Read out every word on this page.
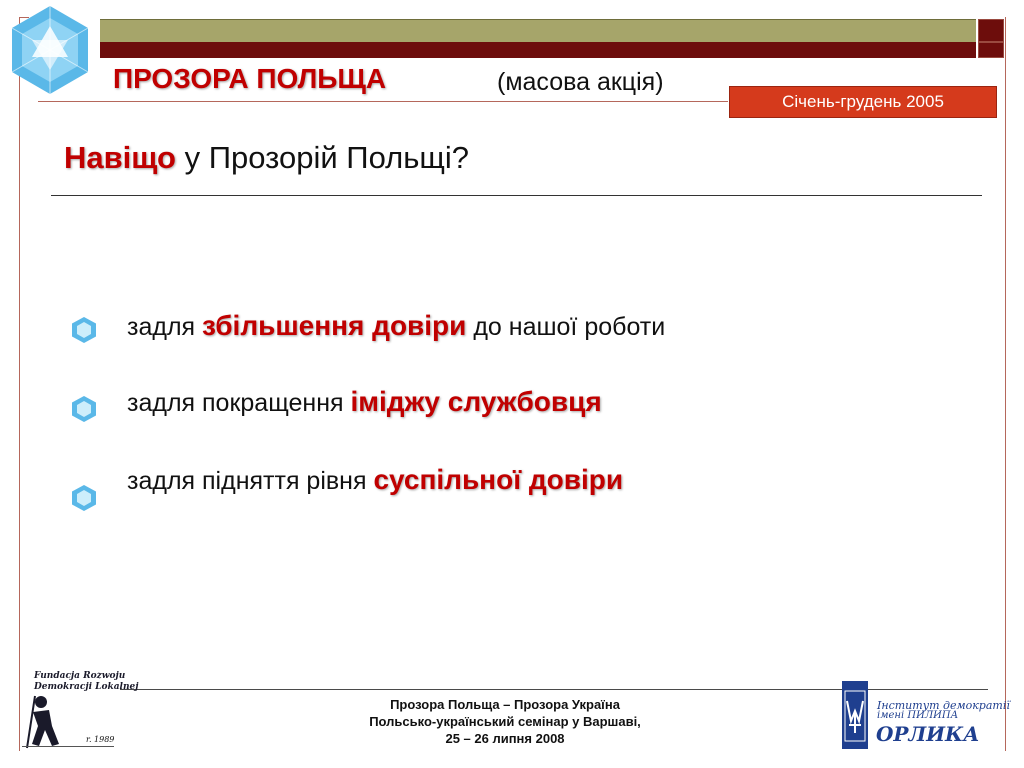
ПРОЗОРА ПОЛЬЩА	(масова акція)
Січень-грудень 2005
Навіщо у Прозорій Польщі?
задля збільшення довіри до нашої роботи
задля покращення іміджу службовця
задля підняття рівня суспільної довіри
Прозора Польща – Прозора Україна
Польсько-український семінар у Варшаві,
25 – 26 липня 2008
Fundacja Rozwoju
Demokracji Lokalnej
r. 1989
Інститут демократії
імені ПИЛИПА
ОРЛИКА
